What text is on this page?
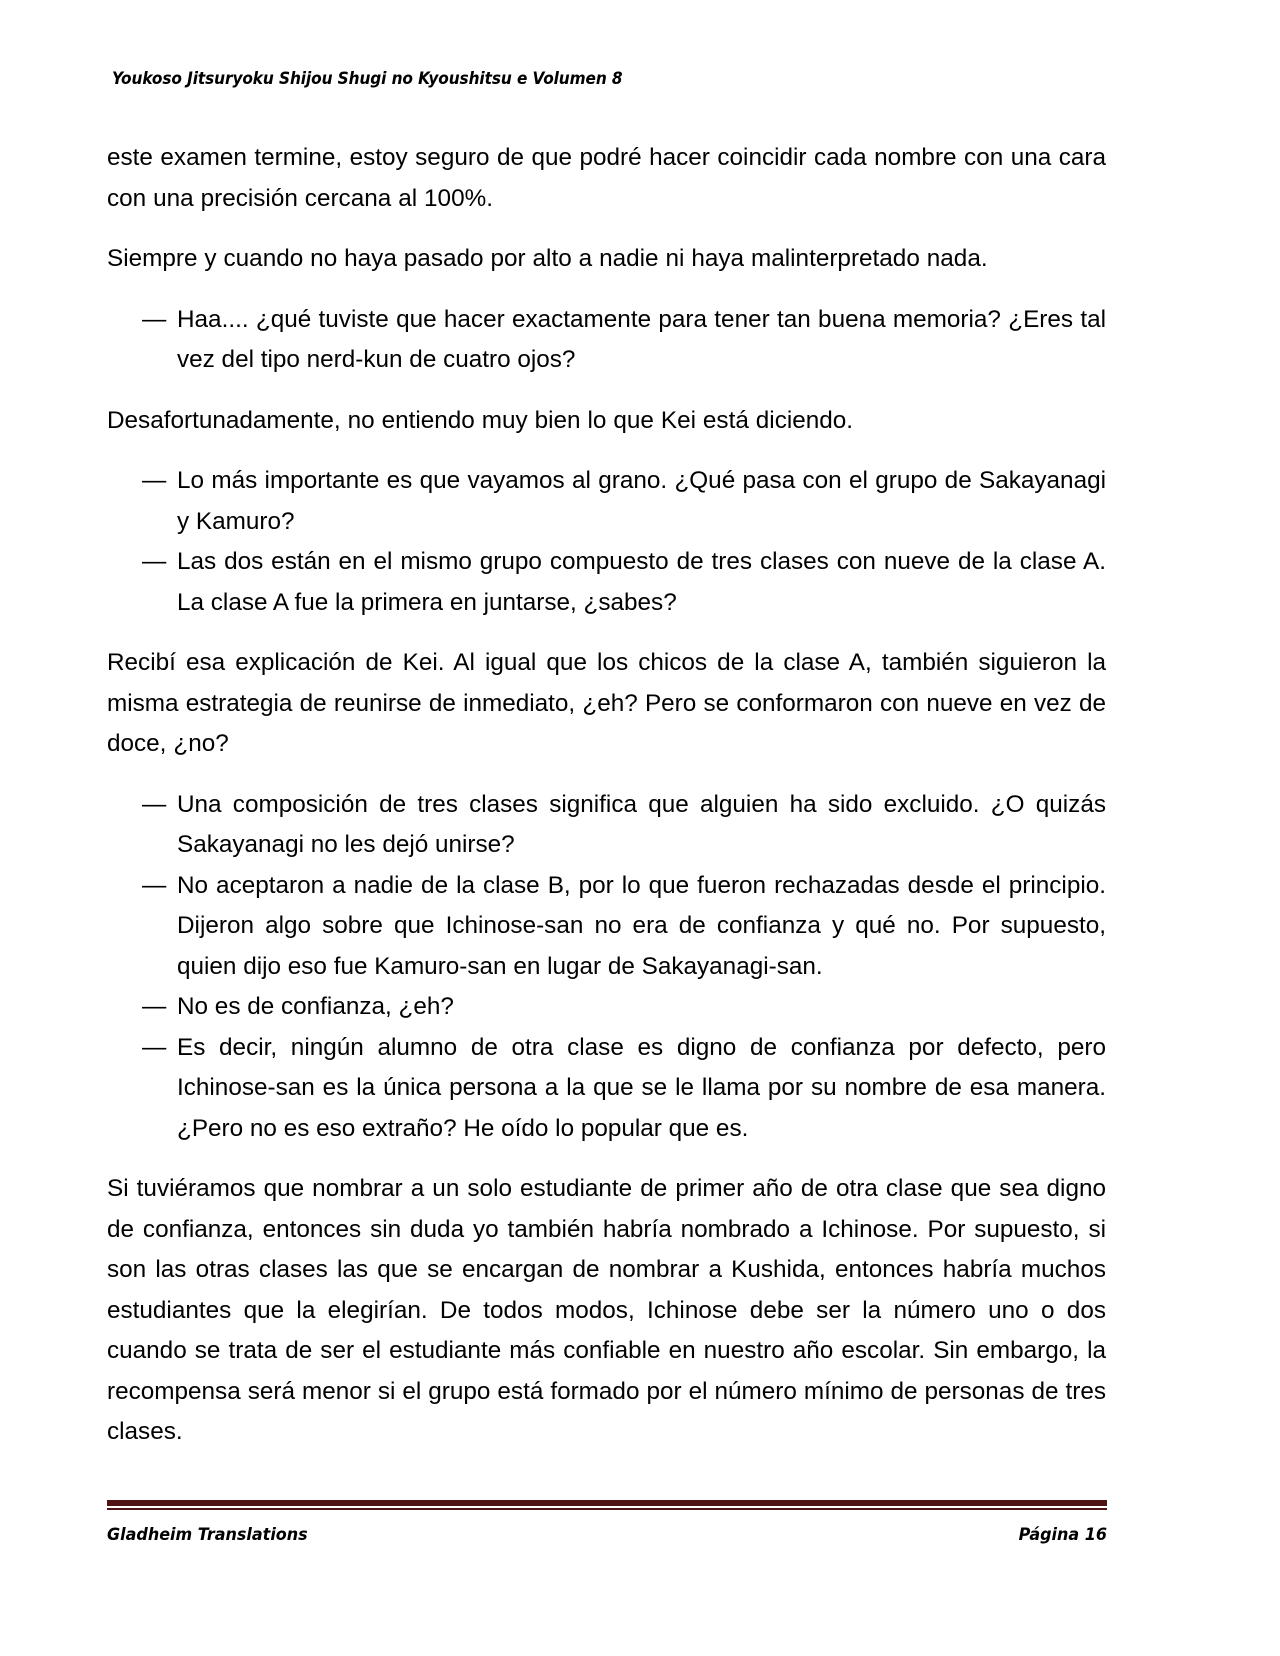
Youkoso Jitsuryoku Shijou Shugi no Kyoushitsu e Volumen 8

este examen termine, estoy seguro de que podré hacer coincidir cada nombre con una cara con una precisión cercana al 100%.

Siempre y cuando no haya pasado por alto a nadie ni haya malinterpretado nada.

— Haa.... ¿qué tuviste que hacer exactamente para tener tan buena memoria? ¿Eres tal vez del tipo nerd-kun de cuatro ojos?

Desafortunadamente, no entiendo muy bien lo que Kei está diciendo.

— Lo más importante es que vayamos al grano. ¿Qué pasa con el grupo de Sakayanagi y Kamuro?
— Las dos están en el mismo grupo compuesto de tres clases con nueve de la clase A. La clase A fue la primera en juntarse, ¿sabes?

Recibí esa explicación de Kei. Al igual que los chicos de la clase A, también siguieron la misma estrategia de reunirse de inmediato, ¿eh? Pero se conformaron con nueve en vez de doce, ¿no?

— Una composición de tres clases significa que alguien ha sido excluido. ¿O quizás Sakayanagi no les dejó unirse?
— No aceptaron a nadie de la clase B, por lo que fueron rechazadas desde el principio. Dijeron algo sobre que Ichinose-san no era de confianza y qué no. Por supuesto, quien dijo eso fue Kamuro-san en lugar de Sakayanagi-san.
— No es de confianza, ¿eh?
— Es decir, ningún alumno de otra clase es digno de confianza por defecto, pero Ichinose-san es la única persona a la que se le llama por su nombre de esa manera. ¿Pero no es eso extraño? He oído lo popular que es.

Si tuviéramos que nombrar a un solo estudiante de primer año de otra clase que sea digno de confianza, entonces sin duda yo también habría nombrado a Ichinose. Por supuesto, si son las otras clases las que se encargan de nombrar a Kushida, entonces habría muchos estudiantes que la elegirían. De todos modos, Ichinose debe ser la número uno o dos cuando se trata de ser el estudiante más confiable en nuestro año escolar. Sin embargo, la recompensa será menor si el grupo está formado por el número mínimo de personas de tres clases.

Gladheim Translations	Página 16
